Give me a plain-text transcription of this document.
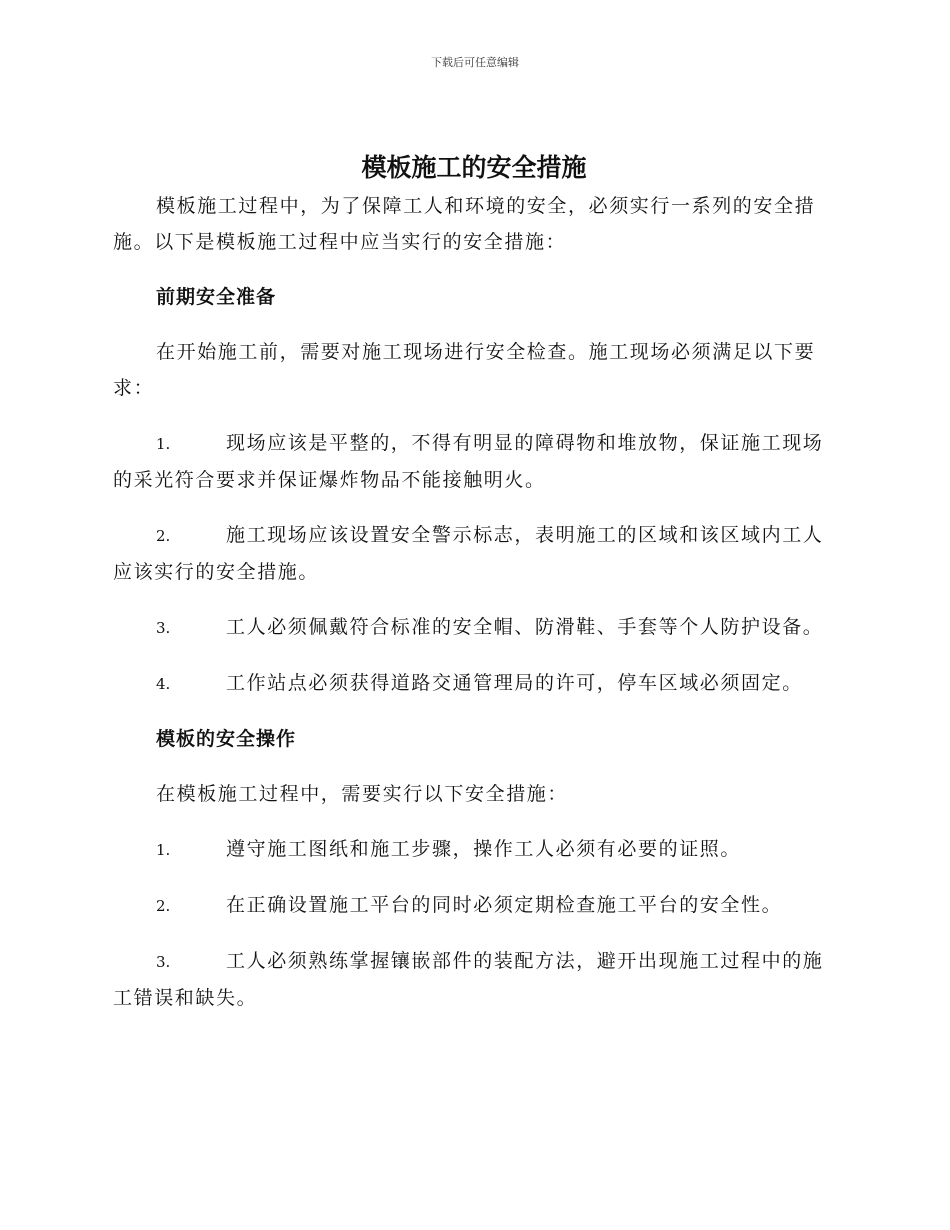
下载后可任意编辑
模板施工的安全措施

模板施工过程中，为了保障工人和环境的安全，必须实行一系列的安全措施。以下是模板施工过程中应当实行的安全措施：

前期安全准备

在开始施工前，需要对施工现场进行安全检查。施工现场必须满足以下要求：

1.	现场应该是平整的，不得有明显的障碍物和堆放物，保证施工现场的采光符合要求并保证爆炸物品不能接触明火。

2.	施工现场应该设置安全警示标志，表明施工的区域和该区域内工人应该实行的安全措施。

3.	工人必须佩戴符合标准的安全帽、防滑鞋、手套等个人防护设备。

4.	工作站点必须获得道路交通管理局的许可，停车区域必须固定。

模板的安全操作

在模板施工过程中，需要实行以下安全措施：

1.	遵守施工图纸和施工步骤，操作工人必须有必要的证照。

2.	在正确设置施工平台的同时必须定期检查施工平台的安全性。

3.	工人必须熟练掌握镶嵌部件的装配方法，避开出现施工过程中的施工错误和缺失。
